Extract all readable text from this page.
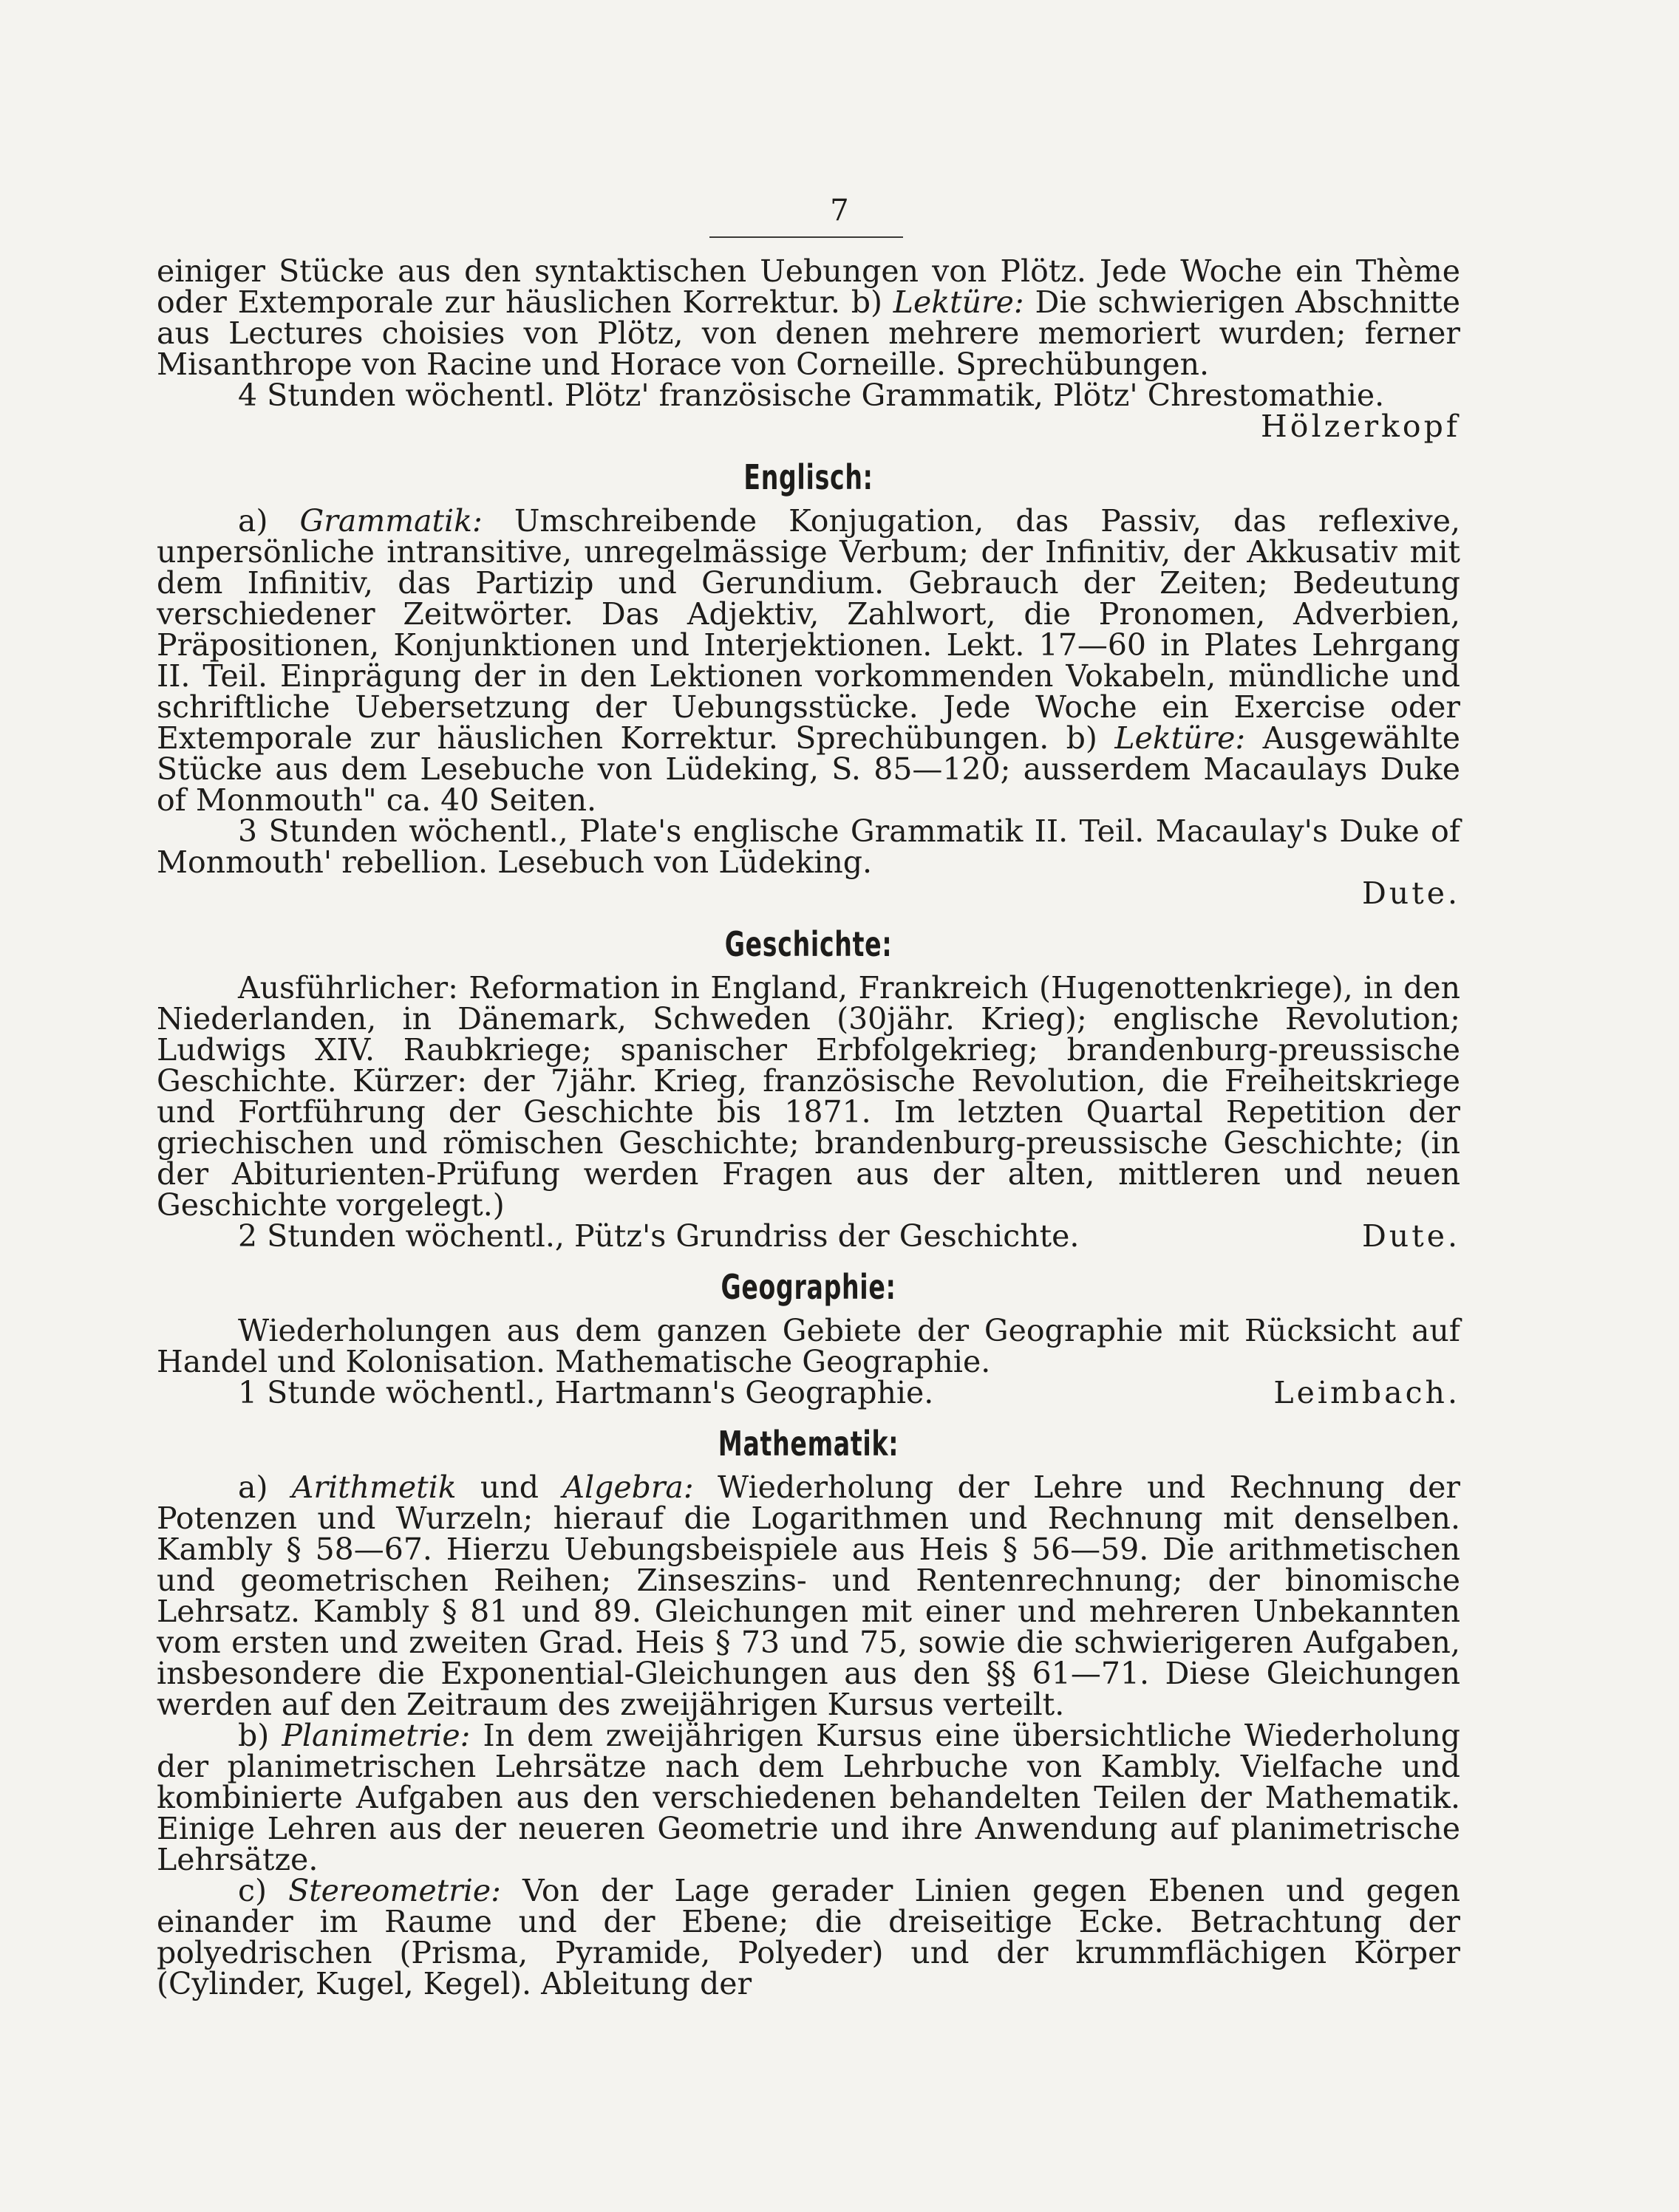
7

einiger Stücke aus den syntaktischen Uebungen von Plötz. Jede Woche ein Thème oder Extemporale zur häuslichen Korrektur. b) Lektüre: Die schwierigen Abschnitte aus Lectures choisies von Plötz, von denen mehrere memoriert wurden; ferner Misanthrope von Racine und Horace von Corneille. Sprechübungen.

4 Stunden wöchentl. Plötz' französische Grammatik, Plötz' Chrestomathie.

Hölzerkopf

Englisch:

a) Grammatik: Umschreibende Konjugation, das Passiv, das reflexive, unpersönliche intransitive, unregelmässige Verbum; der Infinitiv, der Akkusativ mit dem Infinitiv, das Partizip und Gerundium. Gebrauch der Zeiten; Bedeutung verschiedener Zeitwörter. Das Adjektiv, Zahlwort, die Pronomen, Adverbien, Präpositionen, Konjunktionen und Interjektionen. Lekt. 17—60 in Plates Lehrgang II. Teil. Einprägung der in den Lektionen vorkommenden Vokabeln, mündliche und schriftliche Uebersetzung der Uebungsstücke. Jede Woche ein Exercise oder Extemporale zur häuslichen Korrektur. Sprechübungen. b) Lektüre: Ausgewählte Stücke aus dem Lesebuche von Lüdeking, S. 85—120; ausserdem Macaulays Duke of Monmouth" ca. 40 Seiten.

3 Stunden wöchentl., Plate's englische Grammatik II. Teil. Macaulay's Duke of Monmouth' rebellion. Lesebuch von Lüdeking.

Dute.

Geschichte:

Ausführlicher: Reformation in England, Frankreich (Hugenottenkriege), in den Niederlanden, in Dänemark, Schweden (30jähr. Krieg); englische Revolution; Ludwigs XIV. Raubkriege; spanischer Erbfolgekrieg; brandenburg-preussische Geschichte. Kürzer: der 7jähr. Krieg, französische Revolution, die Freiheitskriege und Fortführung der Geschichte bis 1871. Im letzten Quartal Repetition der griechischen und römischen Geschichte; brandenburg-preussische Geschichte; (in der Abiturienten-Prüfung werden Fragen aus der alten, mittleren und neuen Geschichte vorgelegt.)

2 Stunden wöchentl., Pütz's Grundriss der Geschichte.	Dute.
Geographie:

Wiederholungen aus dem ganzen Gebiete der Geographie mit Rücksicht auf Handel und Kolonisation. Mathematische Geographie.

1 Stunde wöchentl., Hartmann's Geographie.	Leimbach.
Mathematik:

a) Arithmetik und Algebra: Wiederholung der Lehre und Rechnung der Potenzen und Wurzeln; hierauf die Logarithmen und Rechnung mit denselben. Kambly § 58—67. Hierzu Uebungsbeispiele aus Heis § 56—59. Die arithmetischen und geometrischen Reihen; Zinseszins- und Rentenrechnung; der binomische Lehrsatz. Kambly § 81 und 89. Gleichungen mit einer und mehreren Unbekannten vom ersten und zweiten Grad. Heis § 73 und 75, sowie die schwierigeren Aufgaben, insbesondere die Exponential-Gleichungen aus den §§ 61—71. Diese Gleichungen werden auf den Zeitraum des zweijährigen Kursus verteilt.

b) Planimetrie: In dem zweijährigen Kursus eine übersichtliche Wiederholung der planimetrischen Lehrsätze nach dem Lehrbuche von Kambly. Vielfache und kombinierte Aufgaben aus den verschiedenen behandelten Teilen der Mathematik. Einige Lehren aus der neueren Geometrie und ihre Anwendung auf planimetrische Lehrsätze.

c) Stereometrie: Von der Lage gerader Linien gegen Ebenen und gegen einander im Raume und der Ebene; die dreiseitige Ecke. Betrachtung der polyedrischen (Prisma, Pyramide, Polyeder) und der krummflächigen Körper (Cylinder, Kugel, Kegel). Ableitung der
